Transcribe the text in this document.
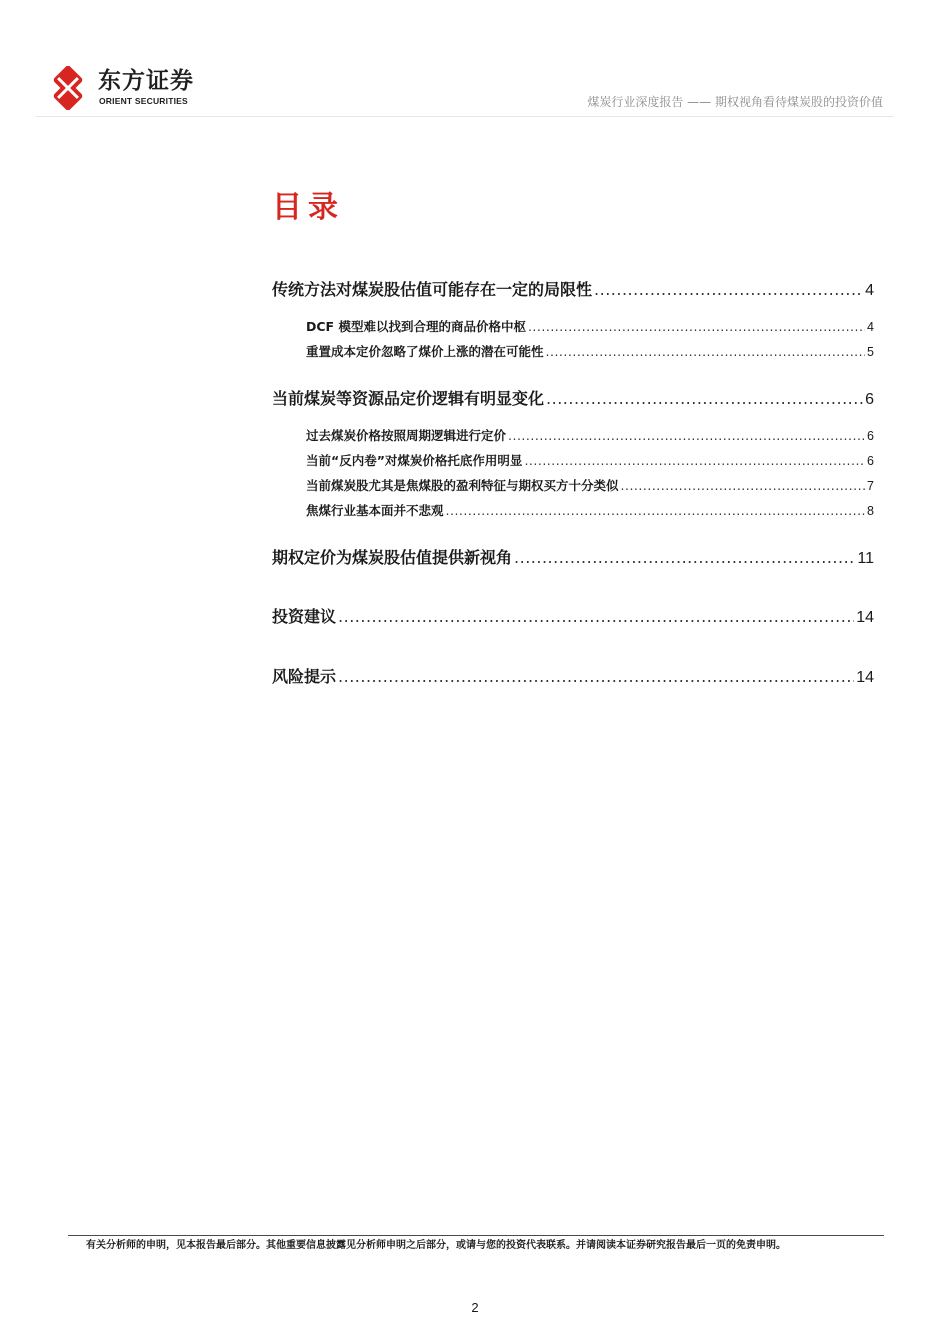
东方证券
ORIENT SECURITIES	煤炭行业深度报告 —— 期权视角看待煤炭股的投资价值
目录
传统方法对煤炭股估值可能存在一定的局限性 .....	4
DCF 模型难以找到合理的商品价格中枢 .....	4
重置成本定价忽略了煤价上涨的潜在可能性 .....	5
当前煤炭等资源品定价逻辑有明显变化 .....	6
过去煤炭价格按照周期逻辑进行定价 .....	6
当前“反内卷”对煤炭价格托底作用明显 .....	6
当前煤炭股尤其是焦煤股的盈利特征与期权买方十分类似 .....	7
焦煤行业基本面并不悲观 .....	8
期权定价为煤炭股估值提供新视角 .....	11
投资建议 .....	14
风险提示 .....	14
有关分析师的申明，见本报告最后部分。其他重要信息披露见分析师申明之后部分，或请与您的投资代表联系。并请阅读本证券研究报告最后一页的免责申明。
2
